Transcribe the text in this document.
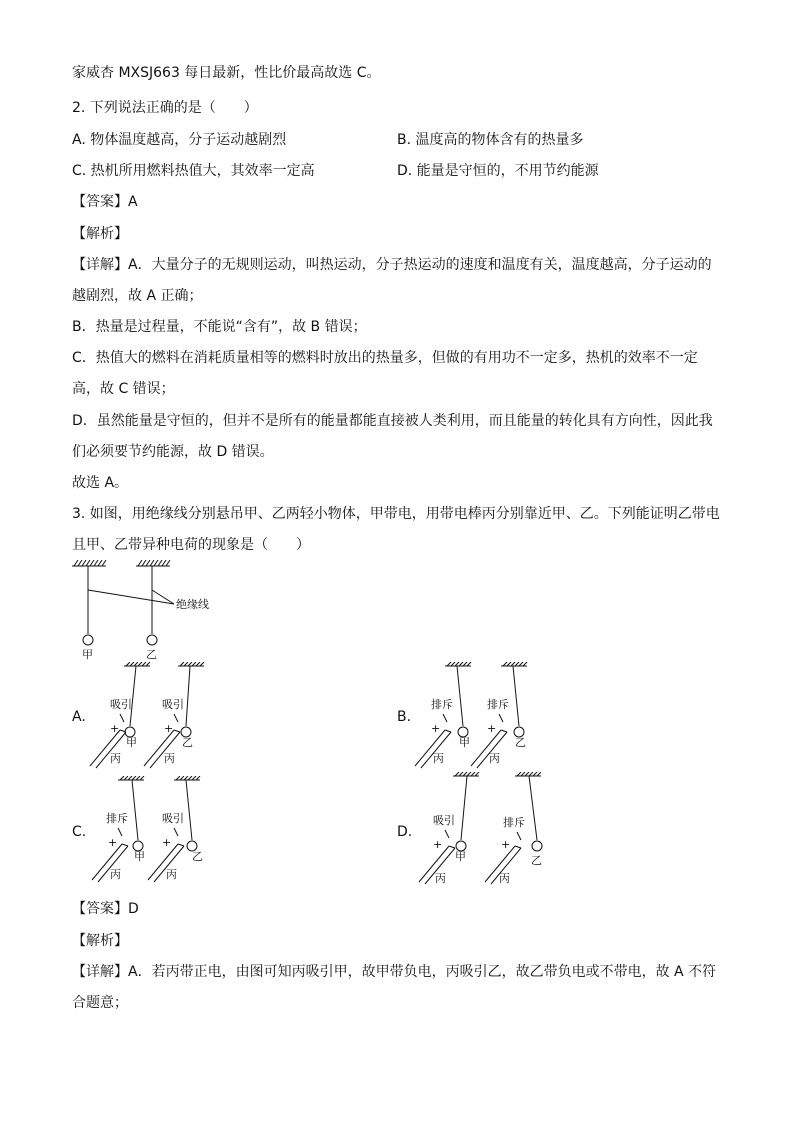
家威杏 MXSJ663 每日最新，性比价最高故选 C。
2. 下列说法正确的是（　　）
A. 物体温度越高，分子运动越剧烈	B. 温度高的物体含有的热量多
C. 热机所用燃料热值大，其效率一定高	D. 能量是守恒的，不用节约能源
【答案】A
【解析】
【详解】A．大量分子的无规则运动，叫热运动，分子热运动的速度和温度有关，温度越高，分子运动的
越剧烈，故 A 正确；
B．热量是过程量，不能说“含有”，故 B 错误；
C．热值大的燃料在消耗质量相等的燃料时放出的热量多，但做的有用功不一定多，热机的效率不一定
高，故 C 错误；
D．虽然能量是守恒的，但并不是所有的能量都能直接被人类利用，而且能量的转化具有方向性，因此我
们必须要节约能源，故 D 错误。
故选 A。
3. 如图，用绝缘线分别悬吊甲、乙两轻小物体，甲带电，用带电棒丙分别靠近甲、乙。下列能证明乙带电
且甲、乙带异种电荷的现象是（　　）
绝缘线
甲	乙
A.
甲	乙
吸引	吸引
+	+
丙	丙
B.
甲	乙
排斥	排斥
+	+
丙	丙
C.
甲	乙
排斥	吸引
+	+
丙	丙
D.
甲	乙
吸引	排斥
+	+
丙	丙
【答案】D
【解析】
【详解】A．若丙带正电，由图可知丙吸引甲，故甲带负电，丙吸引乙，故乙带负电或不带电，故 A 不符
合题意；
